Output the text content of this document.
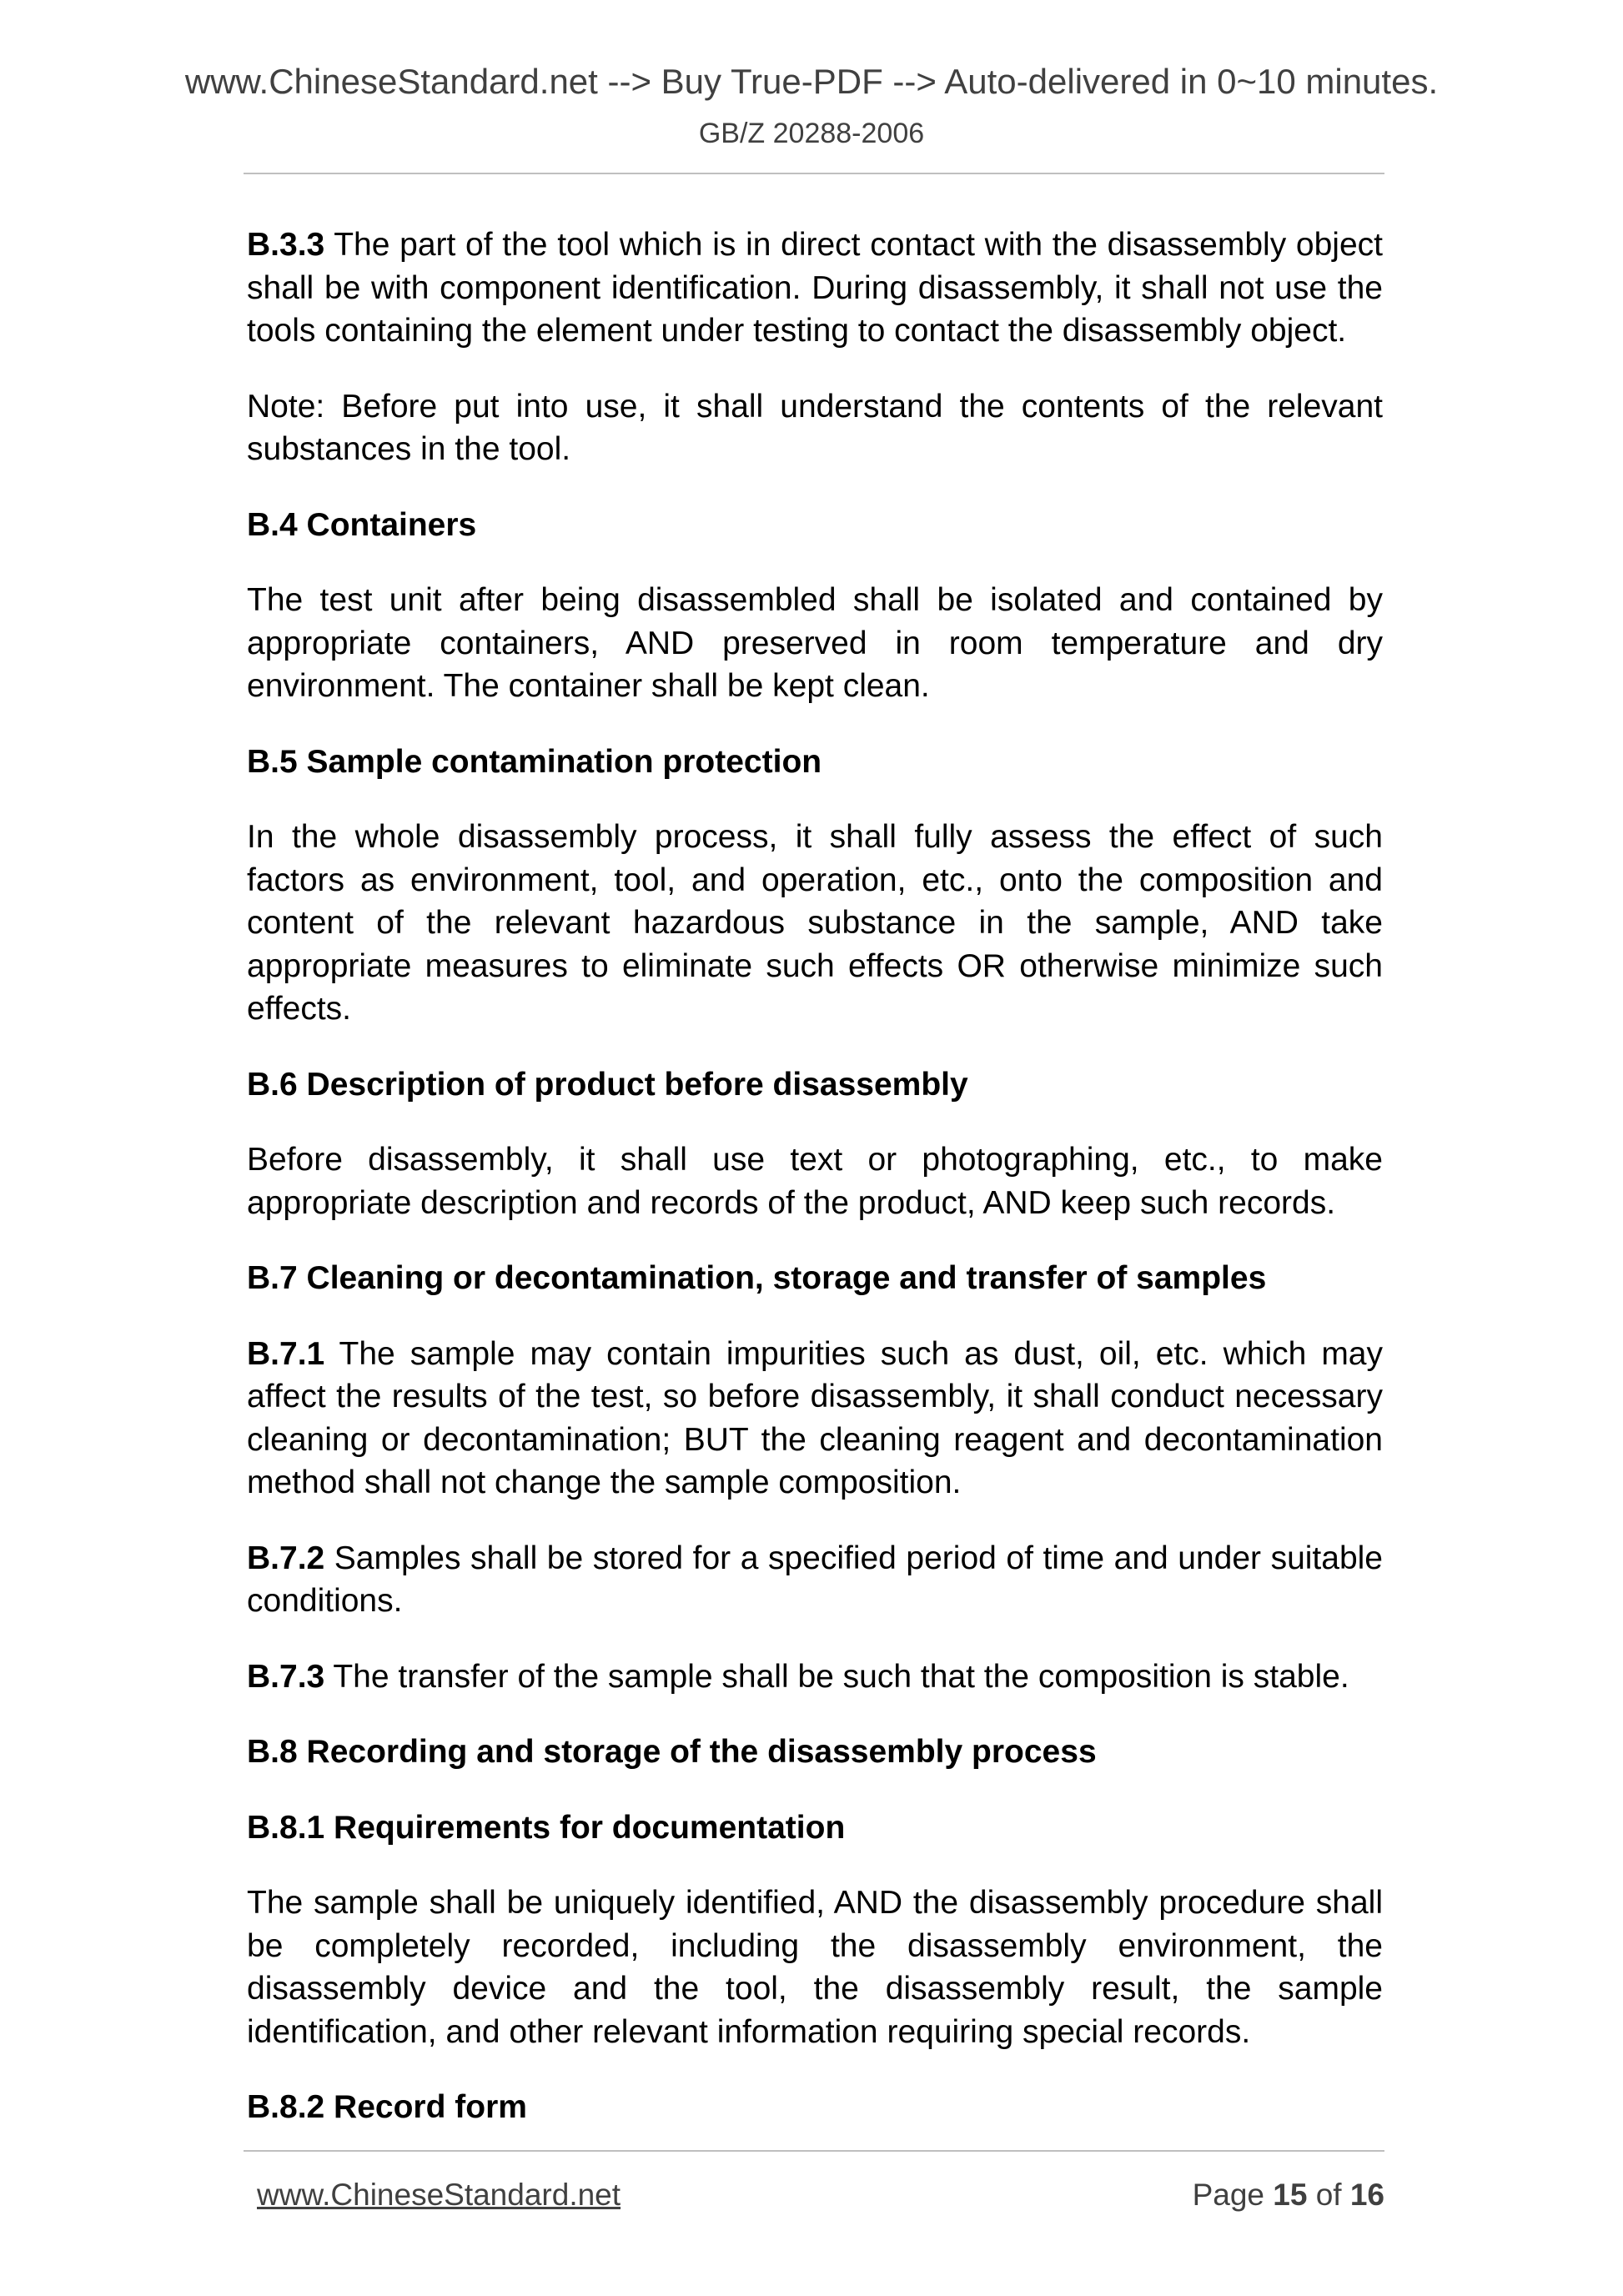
www.ChineseStandard.net --> Buy True-PDF --> Auto-delivered in 0~10 minutes.
GB/Z 20288-2006

B.3.3 The part of the tool which is in direct contact with the disassembly object shall be with component identification. During disassembly, it shall not use the tools containing the element under testing to contact the disassembly object.

Note: Before put into use, it shall understand the contents of the relevant substances in the tool.

B.4 Containers

The test unit after being disassembled shall be isolated and contained by appropriate containers, AND preserved in room temperature and dry environment. The container shall be kept clean.

B.5 Sample contamination protection

In the whole disassembly process, it shall fully assess the effect of such factors as environment, tool, and operation, etc., onto the composition and content of the relevant hazardous substance in the sample, AND take appropriate measures to eliminate such effects OR otherwise minimize such effects.

B.6 Description of product before disassembly

Before disassembly, it shall use text or photographing, etc., to make appropriate description and records of the product, AND keep such records.

B.7 Cleaning or decontamination, storage and transfer of samples

B.7.1 The sample may contain impurities such as dust, oil, etc. which may affect the results of the test, so before disassembly, it shall conduct necessary cleaning or decontamination; BUT the cleaning reagent and decontamination method shall not change the sample composition.

B.7.2 Samples shall be stored for a specified period of time and under suitable conditions.

B.7.3 The transfer of the sample shall be such that the composition is stable.

B.8 Recording and storage of the disassembly process
B.8.1 Requirements for documentation

The sample shall be uniquely identified, AND the disassembly procedure shall be completely recorded, including the disassembly environment, the disassembly device and the tool, the disassembly result, the sample identification, and other relevant information requiring special records.

B.8.2 Record form
www.ChineseStandard.net	Page 15 of 16
